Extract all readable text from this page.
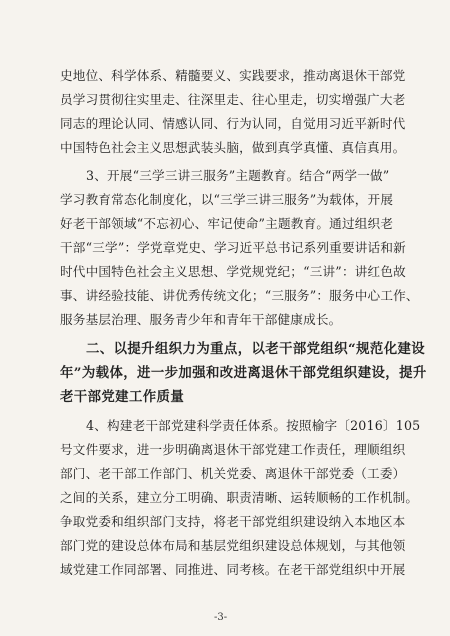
史地位、科学体系、精髓要义、实践要求，推动离退休干部党
员学习贯彻往实里走、往深里走、往心里走，切实增强广大老
同志的理论认同、情感认同、行为认同，自觉用习近平新时代
中国特色社会主义思想武装头脑，做到真学真懂、真信真用。
3、开展“三学三讲三服务”主题教育。结合“两学一做”
学习教育常态化制度化，以“三学三讲三服务”为载体，开展
好老干部领域“不忘初心、牢记使命”主题教育。通过组织老
干部“三学”：学党章党史、学习近平总书记系列重要讲话和新
时代中国特色社会主义思想、学党规党纪；“三讲”：讲红色故
事、讲经验技能、讲优秀传统文化；“三服务”：服务中心工作、
服务基层治理、服务青少年和青年干部健康成长。
二、以提升组织力为重点，以老干部党组织“规范化建设
年”为载体，进一步加强和改进离退休干部党组织建设，提升
老干部党建工作质量
4、构建老干部党建科学责任体系。按照榆字〔2016〕105
号文件要求，进一步明确离退休干部党建工作责任，理顺组织
部门、老干部工作部门、机关党委、离退休干部党委（工委）
之间的关系，建立分工明确、职责清晰、运转顺畅的工作机制。
争取党委和组织部门支持，将老干部党组织建设纳入本地区本
部门党的建设总体布局和基层党组织建设总体规划，与其他领
域党建工作同部署、同推进、同考核。在老干部党组织中开展
-3-
